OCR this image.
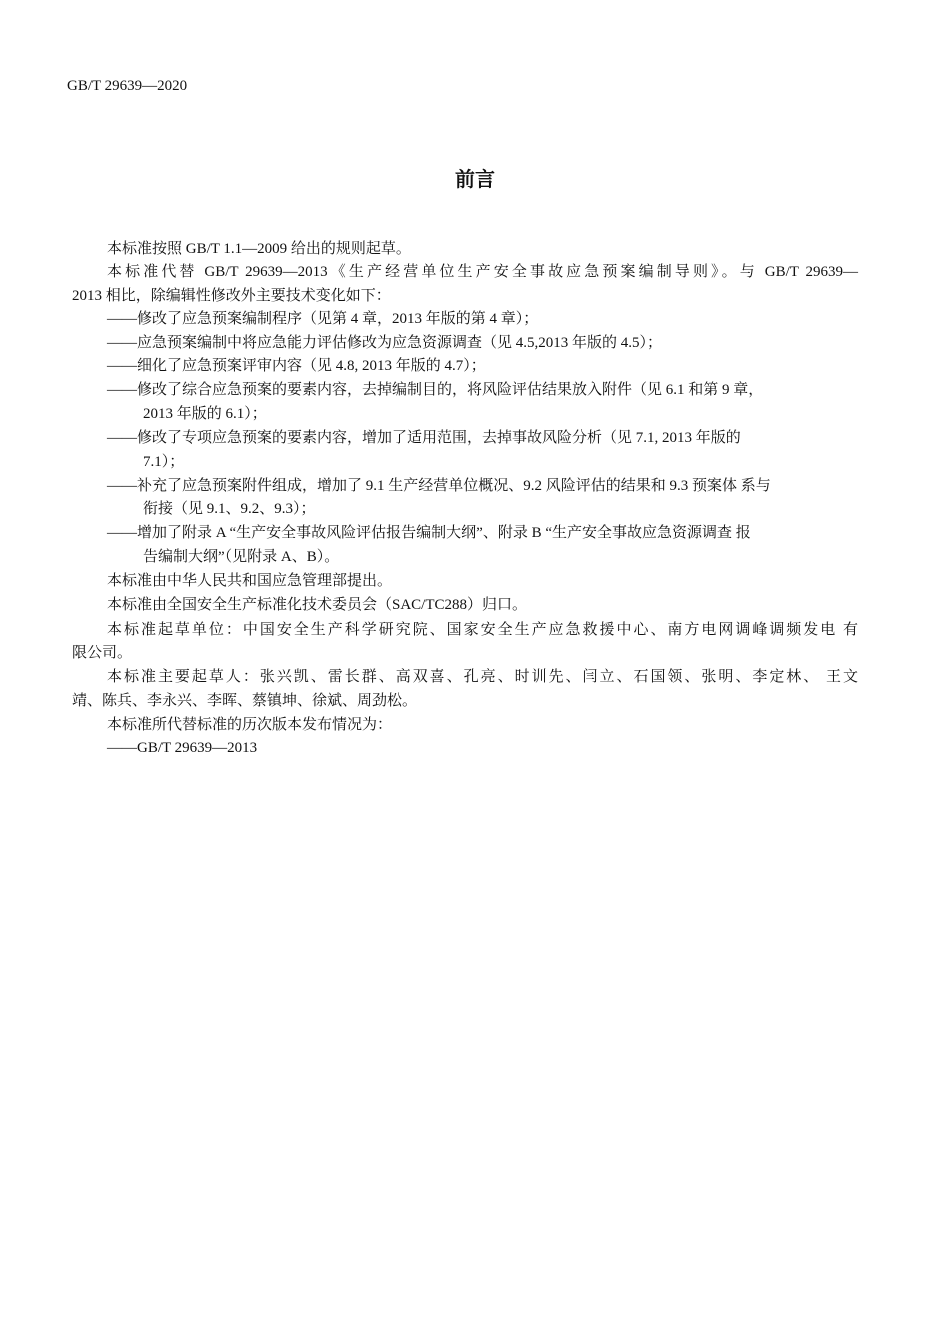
GB/T 29639—2020
前言
本标准按照 GB/T 1.1—2009 给出的规则起草。
本标准代替 GB/T 29639—2013《生产经营单位生产安全事故应急预案编制导则》。与 GB/T 29639—
2013 相比，除编辑性修改外主要技术变化如下：
——修改了应急预案编制程序（见第 4 章，2013 年版的第 4 章）；
——应急预案编制中将应急能力评估修改为应急资源调查（见 4.5,2013 年版的 4.5）；
——细化了应急预案评审内容（见 4.8, 2013 年版的 4.7）；
——修改了综合应急预案的要素内容，去掉编制目的，将风险评估结果放入附件（见 6.1 和第 9 章，
2013 年版的 6.1）；
——修改了专项应急预案的要素内容，增加了适用范围，去掉事故风险分析（见 7.1, 2013 年版的
7.1）；
——补充了应急预案附件组成，增加了 9.1 生产经营单位概况、9.2 风险评估的结果和 9.3 预案体 系与
衔接（见 9.1、9.2、9.3）；
——增加了附录 A “生产安全事故风险评估报告编制大纲”、附录 B “生产安全事故应急资源调查 报
告编制大纲”（见附录 A、B）。
本标准由中华人民共和国应急管理部提出。
本标准由全国安全生产标准化技术委员会（SAC/TC288）归口。
本标准起草单位：中国安全生产科学研究院、国家安全生产应急救援中心、南方电网调峰调频发电 有
限公司。
本标准主要起草人：张兴凯、雷长群、高双喜、孔亮、时训先、闫立、石国领、张明、李定林、 王文
靖、陈兵、李永兴、李晖、蔡镇坤、徐斌、周劲松。
本标准所代替标准的历次版本发布情况为：
——GB/T 29639—2013
